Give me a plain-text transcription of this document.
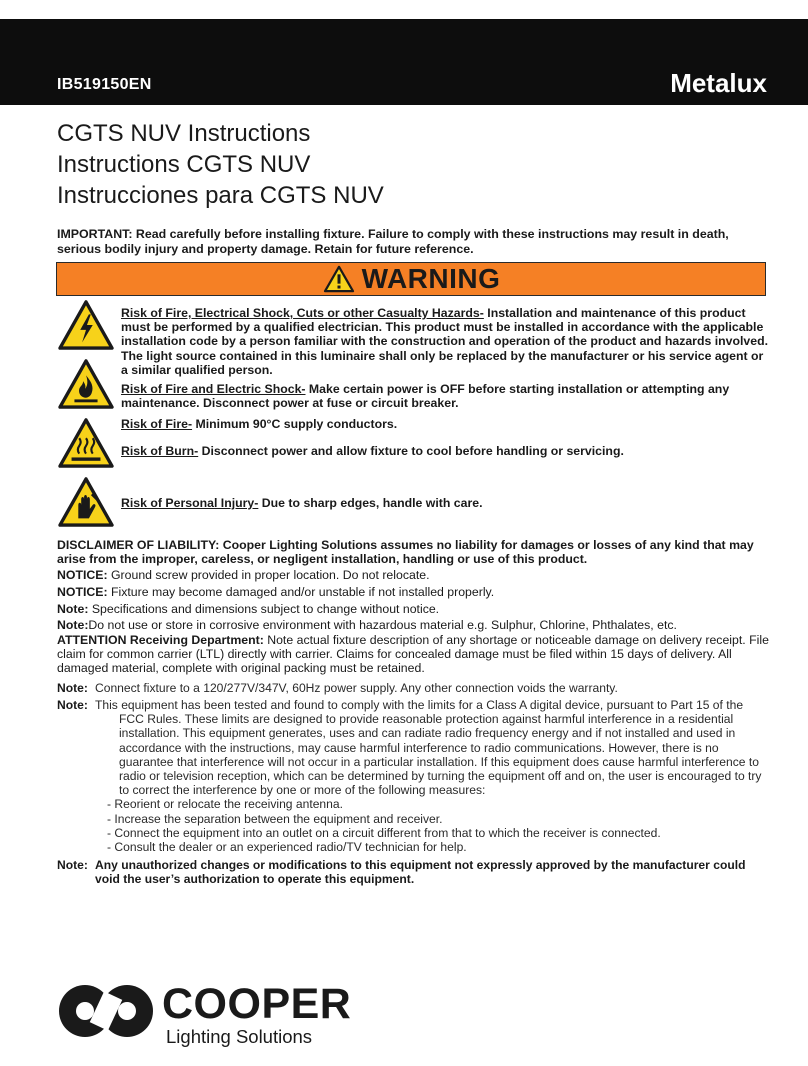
IB519150EN	Metalux
CGTS NUV Instructions
Instructions CGTS NUV
Instrucciones para CGTS NUV
IMPORTANT: Read carefully before installing fixture. Failure to comply with these instructions may result in death, serious bodily injury and property damage. Retain for future reference.
WARNING
Risk of Fire, Electrical Shock, Cuts or other Casualty Hazards- Installation and maintenance of this product must be performed by a qualified electrician. This product must be installed in accordance with the applicable installation code by a person familiar with the construction and operation of the product and hazards involved. The light source contained in this luminaire shall only be replaced by the manufacturer or his service agent or a similar qualified person.
Risk of Fire and Electric Shock- Make certain power is OFF before starting installation or attempting any maintenance. Disconnect power at fuse or circuit breaker.
Risk of Fire- Minimum 90°C supply conductors.
Risk of Burn- Disconnect power and allow fixture to cool before handling or servicing.
Risk of Personal Injury- Due to sharp edges, handle with care.
DISCLAIMER OF LIABILITY: Cooper Lighting Solutions assumes no liability for damages or losses of any kind that may arise from the improper, careless, or negligent installation, handling or use of this product.
NOTICE: Ground screw provided in proper location. Do not relocate.
NOTICE: Fixture may become damaged and/or unstable if not installed properly.
Note: Specifications and dimensions subject to change without notice.
Note:Do not use or store in corrosive environment with hazardous material e.g. Sulphur, Chlorine, Phthalates, etc.
ATTENTION Receiving Department: Note actual fixture description of any shortage or noticeable damage on delivery receipt. File claim for common carrier (LTL) directly with carrier. Claims for concealed damage must be filed within 15 days of delivery. All damaged material, complete with original packing must be retained.
Note: Connect fixture to a 120/277V/347V, 60Hz power supply. Any other connection voids the warranty.
Note: This equipment has been tested and found to comply with the limits for a Class A digital device, pursuant to Part 15 of the FCC Rules. These limits are designed to provide reasonable protection against harmful interference in a residential installation. This equipment generates, uses and can radiate radio frequency energy and if not installed and used in accordance with the instructions, may cause harmful interference to radio communications. However, there is no guarantee that interference will not occur in a particular installation. If this equipment does cause harmful interference to radio or television reception, which can be determined by turning the equipment off and on, the user is encouraged to try to correct the interference by one or more of the following measures:
- Reorient or relocate the receiving antenna.
- Increase the separation between the equipment and receiver.
- Connect the equipment into an outlet on a circuit different from that to which the receiver is connected.
- Consult the dealer or an experienced radio/TV technician for help.
Note: Any unauthorized changes or modifications to this equipment not expressly approved by the manufacturer could void the user’s authorization to operate this equipment.
COOPER
Lighting Solutions
